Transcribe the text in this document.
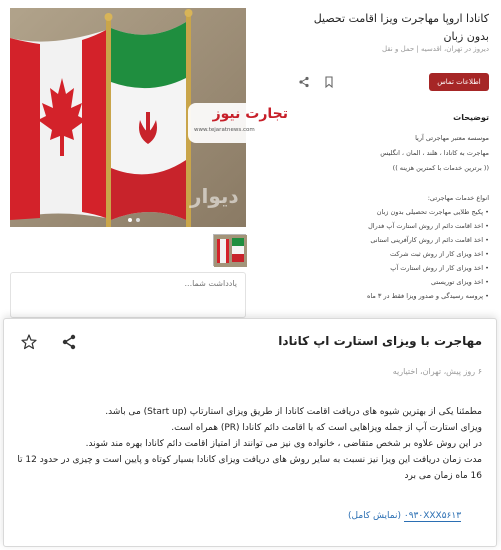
تجارت نیوز
www.tejaratnews.com
دیوار
یادداشت شما...
کانادا اروپا مهاجرت ویزا اقامت تحصیل بدون زبان
دیروز در تهران، اقدسیه | حمل و نقل
اطلاعات تماس
توضیحات
موسسه معتبر مهاجرتی آریا
مهاجرت به کانادا ، هلند ، المان ، انگلیس
(( برترین خدمات با کمترین هزینه ))
انواع خدمات مهاجرتی:
• پکیج طلایی مهاجرت تحصیلی بدون زبان
• اخذ اقامت دائم از روش استارت آپ فدرال
• اخذ اقامت دائم از روش کارآفرینی استانی
• اخذ ویزای کار از روش ثبت شرکت
• اخذ ویزای کار از روش استارت آپ
• اخذ ویزای توریستی
• پروسه رسیدگی و صدور ویزا فقط در ۳ ماه
مهاجرت با ویزای استارت اپ کانادا
۶ روز پیش، تهران، اختیاریه

مطمئنا یکی از بهترین شیوه های دریافت اقامت کانادا از طریق ویزای استارتاپ (Start up) می باشد.

ویزای استارت آپ از جمله ویزاهایی است که با اقامت دائم کانادا (PR) همراه است.

در این روش علاوه بر شخص متقاضی ، خانواده وی نیز می توانند از امتیاز اقامت دائم کانادا بهره مند شوند.

مدت زمان دریافت این ویزا نیز نسبت به سایر روش های دریافت ویزای کانادا بسیار کوتاه و پایین است و چیزی در حدود 12 تا 16 ماه زمان می برد

۰۹۳۰XXX۵۶۱۳ (نمایش کامل)
